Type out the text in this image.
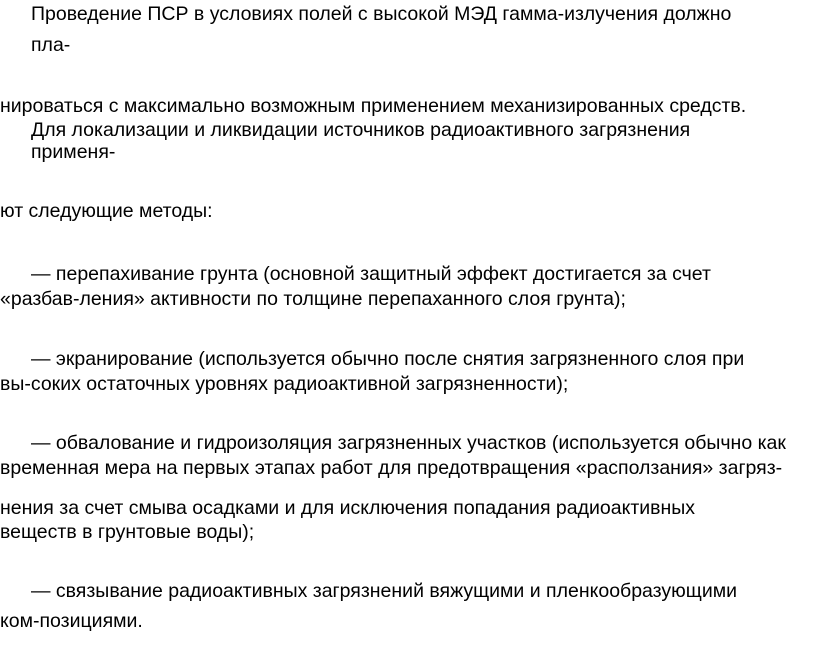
Проведение ПСР в условиях полей с высокой МЭД гамма-излучения должно

пла-

нироваться с максимально возможным применением механизированных средств.

Для локализации и ликвидации источников радиоактивного загрязнения

применя-

ют следующие методы:

— перепахивание грунта (основной защитный эффект достигается за счет

«разбав-ления» активности по толщине перепаханного слоя грунта);

— экранирование (используется обычно после снятия загрязненного слоя при

вы-соких остаточных уровнях радиоактивной загрязненности);

— обвалование и гидроизоляция загрязненных участков (используется обычно как

временная мера на первых этапах работ для предотвращения «расползания» загряз-

нения за счет смыва осадками и для исключения попадания радиоактивных

веществ в грунтовые воды);

— связывание радиоактивных загрязнений вяжущими и пленкообразующими

ком-позициями.
